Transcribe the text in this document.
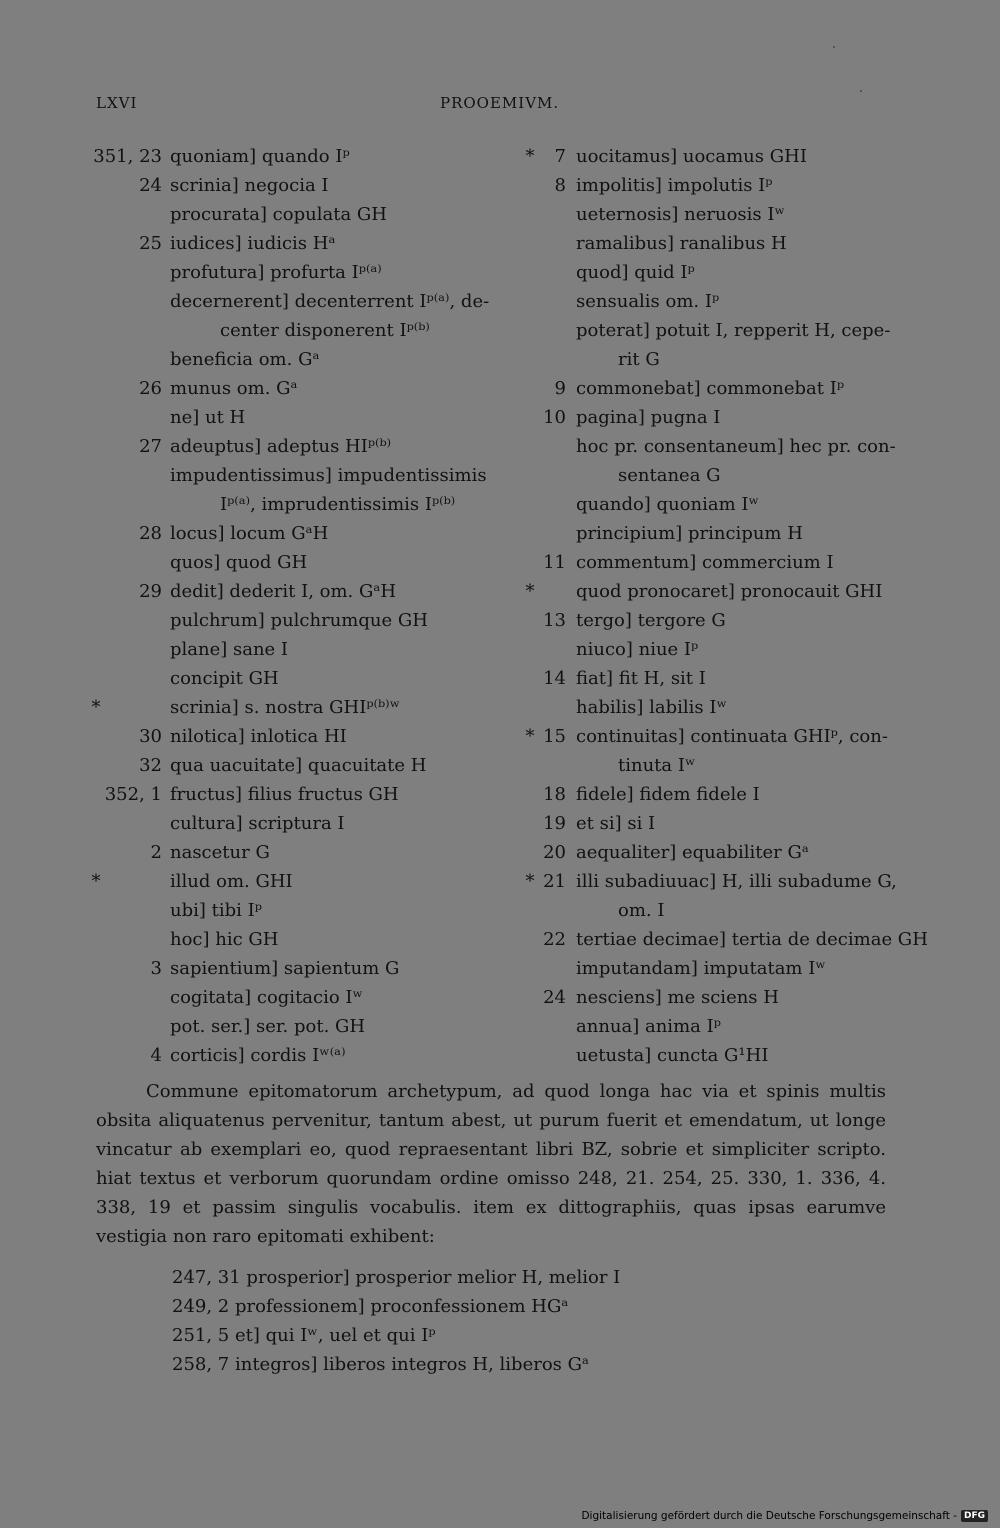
LXVI	PROOEMIVM.
351, 23 quoniam] quando Iᵖ
24 scrinia] negocia I
procurata] copulata GH
25 iudices] iudicis Hᵃ
profutura] profurta Iᵖ⁽ᵃ⁾
decernerent] decenterrent Iᵖ⁽ᵃ⁾, de-
center disponerent Iᵖ⁽ᵇ⁾
beneficia om. Gᵃ
26 munus om. Gᵃ
ne] ut H
27 adeuptus] adeptus HIᵖ⁽ᵇ⁾
impudentissimus] impudentissimis
Iᵖ⁽ᵃ⁾, imprudentissimis Iᵖ⁽ᵇ⁾
28 locus] locum GᵃH
quos] quod GH
29 dedit] dederit I, om. GᵃH
pulchrum] pulchrumque GH
plane] sane I
concipit GH
*	scrinia] s. nostra GHIᵖ⁽ᵇ⁾ʷ
30 nilotica] inlotica HI
32 qua uacuitate] quacuitate H
352, 1 fructus] filius fructus GH
cultura] scriptura I
2 nascetur G
*	illud om. GHI
ubi] tibi Iᵖ
hoc] hic GH
3 sapientium] sapientum G
cogitata] cogitacio Iʷ
pot. ser.] ser. pot. GH
4 corticis] cordis Iʷ⁽ᵃ⁾
*	7 uocitamus] uocamus GHI
8 impolitis] impolutis Iᵖ
ueternosis] neruosis Iʷ
ramalibus] ranalibus H
quod] quid Iᵖ
sensualis om. Iᵖ
poterat] potuit I, repperit H, cepe-
rit G
9 commonebat] commonebat Iᵖ
10 pagina] pugna I
hoc pr. consentaneum] hec pr. con-
sentanea G
quando] quoniam Iʷ
principium] principum H
11 commentum] commercium I
*	quod pronocaret] pronocauit GHI
13 tergo] tergore G
niuco] niue Iᵖ
14 fiat] fit H, sit I
habilis] labilis Iʷ
* 15 continuitas] continuata GHIᵖ, con-
tinuta Iʷ
18 fidele] fidem fidele I
19 et si] si I
20 aequaliter] equabiliter Gᵃ
* 21 illi subadiuuac] H, illi subadume G,
om. I
22 tertiae decimae] tertia de decimae GH
imputandam] imputatam Iʷ
24 nesciens] me sciens H
annua] anima Iᵖ
uetusta] cuncta G¹HI
Commune epitomatorum archetypum, ad quod longa hac via et spinis multis obsita aliquatenus pervenitur, tantum abest, ut purum fuerit et emendatum, ut longe vincatur ab exemplari eo, quod repraesentant libri BZ, sobrie et simpliciter scripto. hiat textus et verborum quorundam ordine omisso 248, 21. 254, 25. 330, 1. 336, 4. 338, 19 et passim singulis vocabulis. item ex dittographiis, quas ipsas earumve vestigia non raro epitomati exhibent:
247, 31 prosperior] prosperior melior H, melior I
249, 2 professionem] proconfessionem HGᵃ
251, 5 et] qui Iʷ, uel et qui Iᵖ
258, 7 integros] liberos integros H, liberos Gᵃ
Digitalisierung gefördert durch die Deutsche Forschungsgemeinschaft - DFG
